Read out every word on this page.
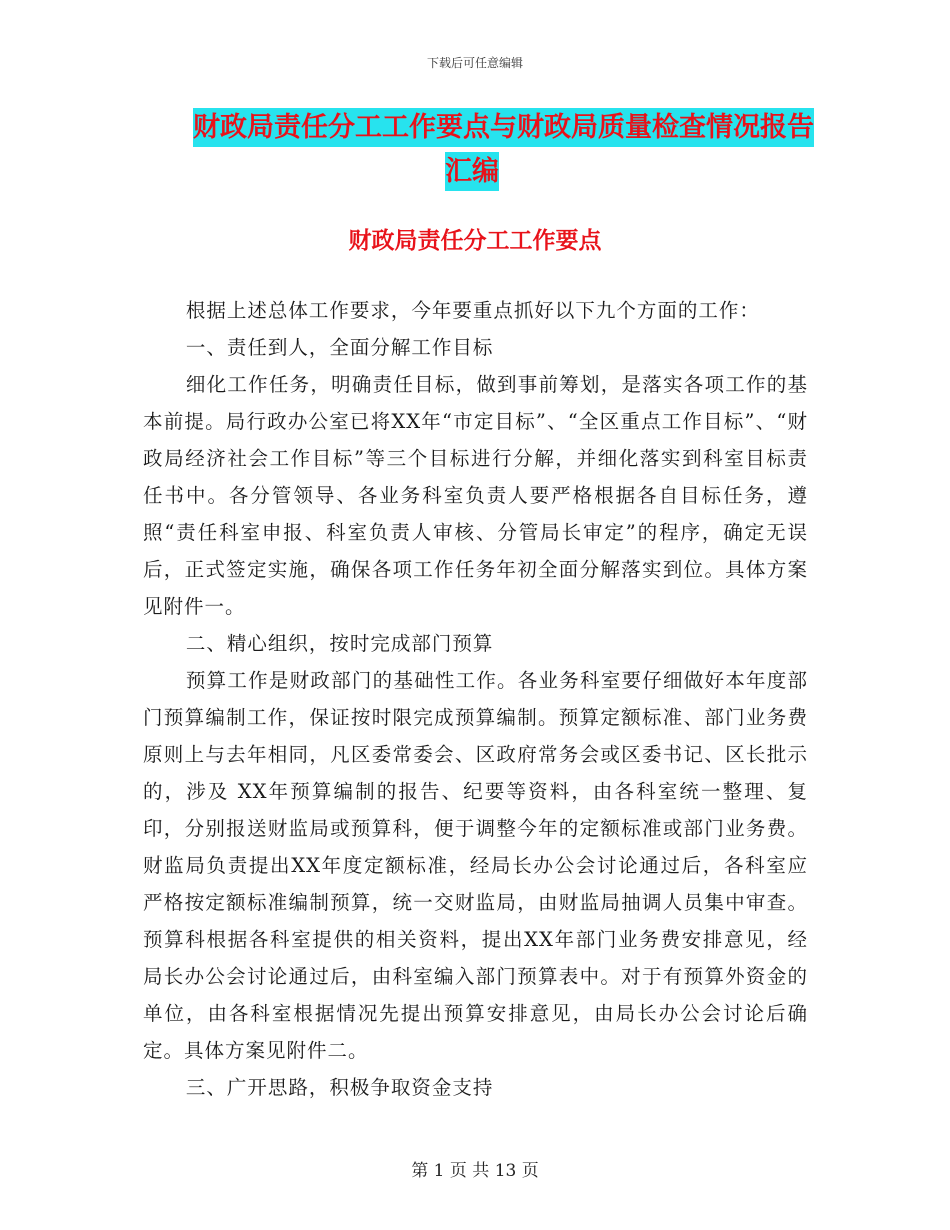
下载后可任意编辑
财政局责任分工工作要点与财政局质量检查情况报告
汇编
财政局责任分工工作要点

根据上述总体工作要求，今年要重点抓好以下九个方面的工作：

一、责任到人，全面分解工作目标

细化工作任务，明确责任目标，做到事前筹划，是落实各项工作的基本前提。局行政办公室已将XX年“市定目标”、“全区重点工作目标”、“财政局经济社会工作目标”等三个目标进行分解，并细化落实到科室目标责任书中。各分管领导、各业务科室负责人要严格根据各自目标任务，遵照“责任科室申报、科室负责人审核、分管局长审定”的程序，确定无误后，正式签定实施，确保各项工作任务年初全面分解落实到位。具体方案见附件一。

二、精心组织，按时完成部门预算

预算工作是财政部门的基础性工作。各业务科室要仔细做好本年度部门预算编制工作，保证按时限完成预算编制。预算定额标准、部门业务费原则上与去年相同，凡区委常委会、区政府常务会或区委书记、区长批示的，涉及 XX年预算编制的报告、纪要等资料，由各科室统一整理、复印，分别报送财监局或预算科，便于调整今年的定额标准或部门业务费。财监局负责提出XX年度定额标准，经局长办公会讨论通过后，各科室应严格按定额标准编制预算，统一交财监局，由财监局抽调人员集中审查。预算科根据各科室提供的相关资料，提出XX年部门业务费安排意见，经局长办公会讨论通过后，由科室编入部门预算表中。对于有预算外资金的单位，由各科室根据情况先提出预算安排意见，由局长办公会讨论后确定。具体方案见附件二。

三、广开思路，积极争取资金支持

第 1 页 共 13 页
